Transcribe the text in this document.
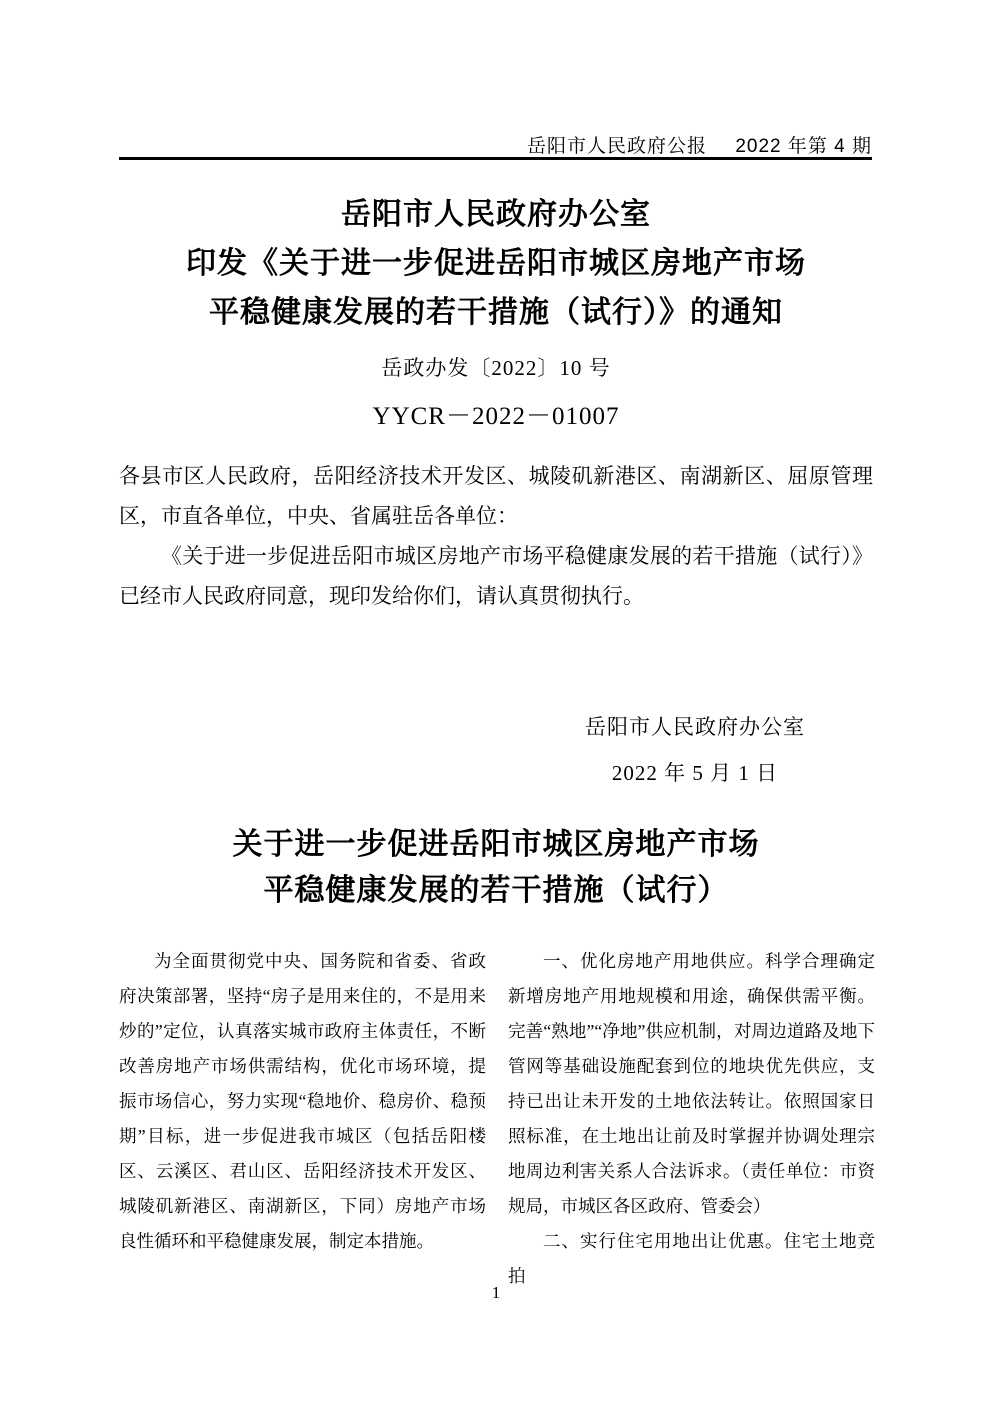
岳阳市人民政府公报 2022 年第 4 期
岳阳市人民政府办公室
印发《关于进一步促进岳阳市城区房地产市场
平稳健康发展的若干措施（试行）》的通知
岳政办发〔2022〕10 号
YYCR－2022－01007

各县市区人民政府，岳阳经济技术开发区、城陵矶新港区、南湖新区、屈原管理区，市直各单位，中央、省属驻岳各单位：

《关于进一步促进岳阳市城区房地产市场平稳健康发展的若干措施（试行）》已经市人民政府同意，现印发给你们，请认真贯彻执行。

岳阳市人民政府办公室
2022 年 5 月 1 日
关于进一步促进岳阳市城区房地产市场
平稳健康发展的若干措施（试行）

为全面贯彻党中央、国务院和省委、省政府决策部署，坚持“房子是用来住的，不是用来炒的”定位，认真落实城市政府主体责任，不断改善房地产市场供需结构，优化市场环境，提振市场信心，努力实现“稳地价、稳房价、稳预期”目标，进一步促进我市城区（包括岳阳楼区、云溪区、君山区、岳阳经济技术开发区、城陵矶新港区、南湖新区，下同）房地产市场良性循环和平稳健康发展，制定本措施。

一、优化房地产用地供应。科学合理确定新增房地产用地规模和用途，确保供需平衡。完善“熟地”“净地”供应机制，对周边道路及地下管网等基础设施配套到位的地块优先供应，支持已出让未开发的土地依法转让。依照国家日照标准，在土地出让前及时掌握并协调处理宗地周边利害关系人合法诉求。（责任单位：市资规局，市城区各区政府、管委会）

二、实行住宅用地出让优惠。住宅土地竞拍

1
